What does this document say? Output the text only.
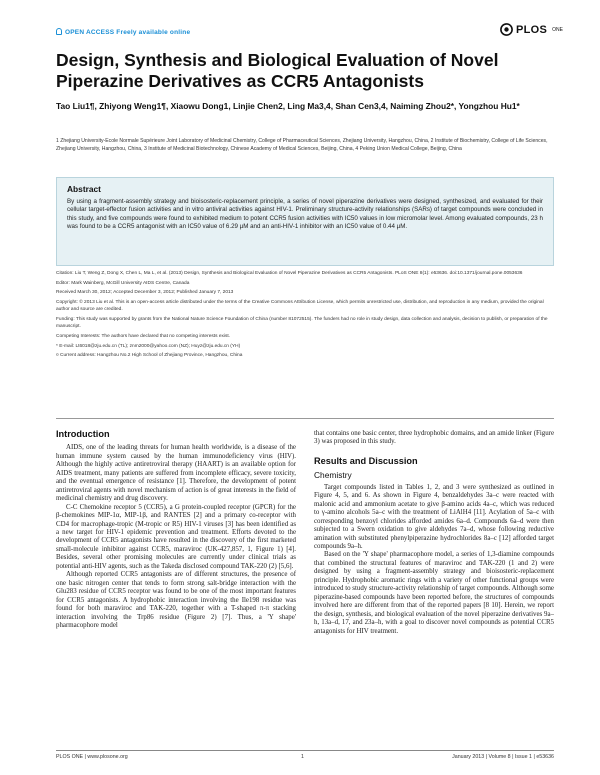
OPEN ACCESS Freely available online	PLOS ONE
Design, Synthesis and Biological Evaluation of Novel Piperazine Derivatives as CCR5 Antagonists
Tao Liu1¶, Zhiyong Weng1¶, Xiaowu Dong1, Linjie Chen2, Ling Ma3,4, Shan Cen3,4, Naiming Zhou2*, Yongzhou Hu1*
1 Zhejiang University-Ecole Normale Supérieure Joint Laboratory of Medicinal Chemistry, College of Pharmaceutical Sciences, Zhejiang University, Hangzhou, China, 2 Institute of Biochemistry, College of Life Sciences, Zhejiang University, Hangzhou, China, 3 Institute of Medicinal Biotechnology, Chinese Academy of Medical Sciences, Beijing, China, 4 Peking Union Medical College, Beijing, China
Abstract
By using a fragment-assembly strategy and bioisosteric-replacement principle, a series of novel piperazine derivatives were designed, synthesized, and evaluated for their cellular target-effector fusion activities and in vitro antiviral activities against HIV-1. Preliminary structure-activity relationships (SARs) of target compounds were concluded in this study, and five compounds were found to exhibited medium to potent CCR5 fusion activities with IC50 values in low micromolar level. Among evaluated compounds, 23 h was found to be a CCR5 antagonist with an IC50 value of 6.29 µM and an anti-HIV-1 inhibitor with an IC50 value of 0.44 µM.

Citation: Liu T, Weng Z, Dong X, Chen L, Ma L, et al. (2013) Design, Synthesis and Biological Evaluation of Novel Piperazine Derivatives as CCR5 Antagonists. PLoS ONE 8(1): e53636. doi:10.1371/journal.pone.0053636

Editor: Mark Wainberg, McGill University AIDS Centre, Canada

Received March 30, 2012; Accepted December 3, 2012; Published January 7, 2013

Copyright: © 2013 Liu et al. This is an open-access article distributed under the terms of the Creative Commons Attribution License, which permits unrestricted use, distribution, and reproduction in any medium, provided the original author and source are credited.

Funding: This study was supported by grants from the National Nature Science Foundation of China (number 81072515). The funders had no role in study design, data collection and analysis, decision to publish, or preparation of the manuscript.

Competing Interests: The authors have declared that no competing interests exist.

* E-mail: Lt6018@zju.edu.cn (TL); znm2000@yahoo.com (NZ); Huyz@zju.edu.cn (YH)

¤ Current address: Hangzhou No.2 High School of Zhejiang Province, Hangzhou, China

Introduction

AIDS, one of the leading threats for human health worldwide, is a disease of the human immune system caused by the human immunodeficiency virus (HIV). Although the highly active antiretroviral therapy (HAART) is an available option for AIDS treatment, many patients are suffered from incomplete efficacy, severe toxicity, and the eventual emergence of resistance [1]. Therefore, the development of potent antiretroviral agents with novel mechanism of action is of great interests in the field of medicinal chemistry and drug discovery.

C-C Chemokine receptor 5 (CCR5), a G protein-coupled receptor (GPCR) for the β-chemokines MIP-1α, MIP-1β, and RANTES [2] and a primary co-receptor with CD4 for macrophage-tropic (M-tropic or R5) HIV-1 viruses [3] has been identified as a new target for HIV-1 epidemic prevention and treatment. Efforts devoted to the development of CCR5 antagonists have resulted in the discovery of the first marketed small-molecule inhibitor against CCR5, maraviroc (UK-427,857, 1, Figure 1) [4]. Besides, several other promising molecules are currently under clinical trials as potential anti-HIV agents, such as the Takeda disclosed compound TAK-220 (2) [5,6].

Although reported CCR5 antagonists are of different structures, the presence of one basic nitrogen center that tends to form strong salt-bridge interaction with the Glu283 residue of CCR5 receptor was found to be one of the most important features for CCR5 antagonists. A hydrophobic interaction involving the Ile198 residue was found for both maraviroc and TAK-220, together with a T-shaped π-π stacking interaction involving the Trp86 residue (Figure 2) [7]. Thus, a 'Y shape' pharmacophore model

that contains one basic center, three hydrophobic domains, and an amide linker (Figure 3) was proposed in this study.

Results and Discussion
Chemistry

Target compounds listed in Tables 1, 2, and 3 were synthesized as outlined in Figure 4, 5, and 6. As shown in Figure 4, benzaldehydes 3a–c were reacted with malonic acid and ammonium acetate to give β-amino acids 4a–c, which was reduced to γ-amino alcohols 5a–c with the treatment of LiAlH4 [11]. Acylation of 5a–c with corresponding benzoyl chlorides afforded amides 6a–d. Compounds 6a–d were then subjected to a Swern oxidation to give aldehydes 7a–d, whose following reductive amination with substituted phenylpiperazine hydrochlorides 8a–c [12] afforded target compounds 9a–h.

Based on the 'Y shape' pharmacophore model, a series of 1,3-diamine compounds that combined the structural features of maraviroc and TAK-220 (1 and 2) were designed by using a fragment-assembly strategy and bioisosteric-replacement principle. Hydrophobic aromatic rings with a variety of other functional groups were introduced to study structure-activity relationship of target compounds. Although some piperazine-based compounds have been reported before, the structures of compounds involved here are different from that of the reported papers [8 10]. Herein, we report the design, synthesis, and biological evaluation of the novel piperazine derivatives 9a–h, 13a–d, 17, and 23a–h, with a goal to discover novel compounds as potential CCR5 antagonists for HIV treatment.

PLOS ONE | www.plosone.org	1	January 2013 | Volume 8 | Issue 1 | e53636
